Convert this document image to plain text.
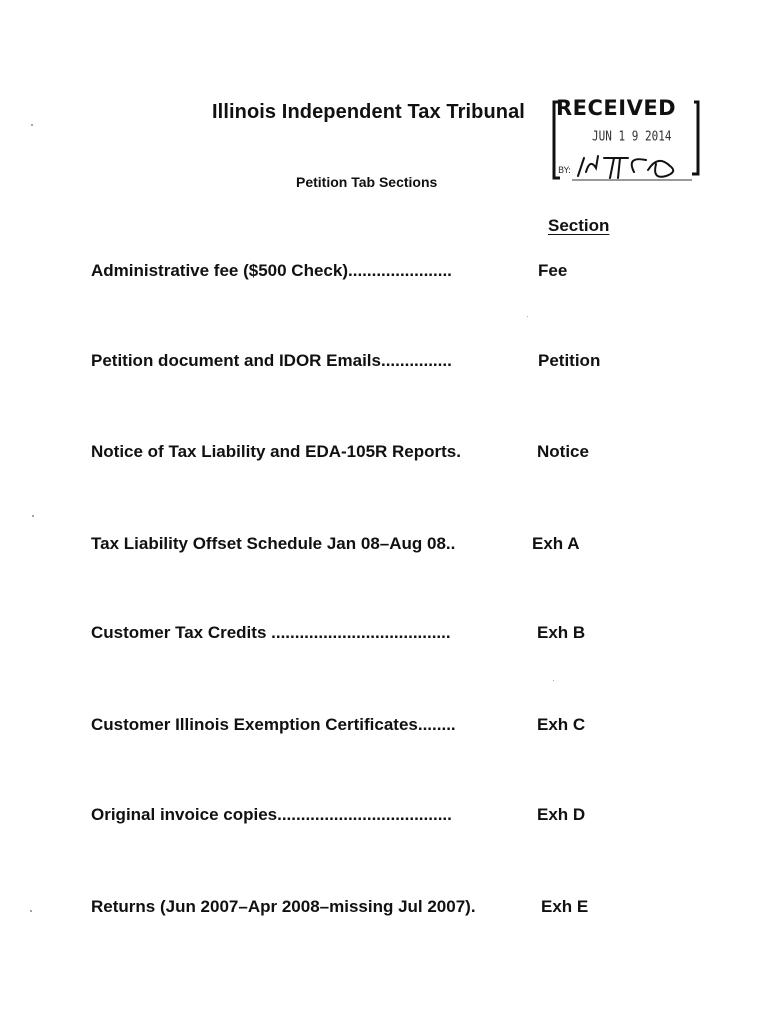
Illinois Independent Tax Tribunal
Petition Tab Sections
RECEIVED
JUN 1 9 2014
BY:
Section
Administrative fee ($500 Check)......................	Fee
Petition document and IDOR Emails...............	Petition
Notice of Tax Liability and EDA-105R Reports.	Notice
Tax Liability Offset Schedule Jan 08–Aug 08..	Exh A
Customer Tax Credits ......................................	Exh B
Customer Illinois Exemption Certificates........	Exh C
Original invoice copies.....................................	Exh D
Returns (Jun 2007–Apr 2008–missing Jul 2007).	Exh E
